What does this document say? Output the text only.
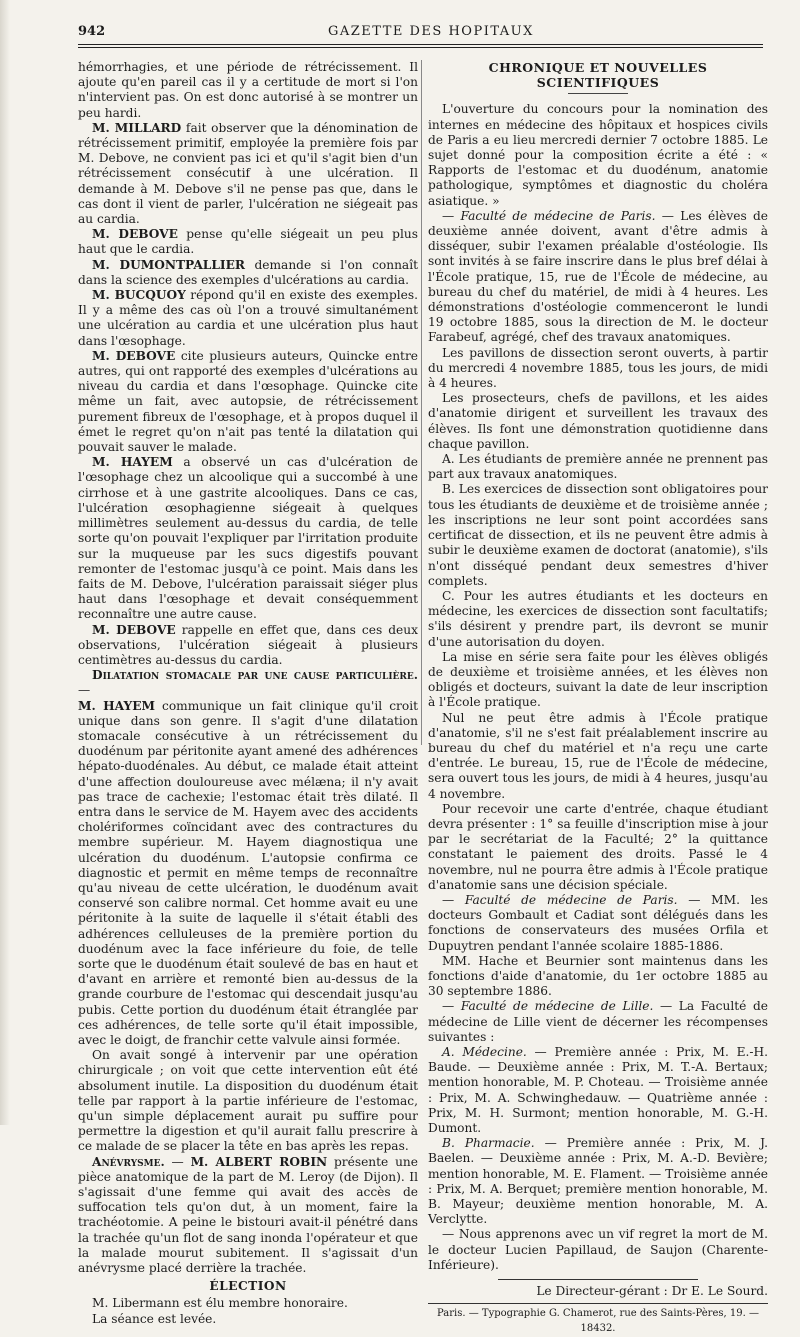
942	GAZETTE DES HOPITAUX

hémorrhagies, et une période de rétrécissement. Il ajoute qu'en pareil cas il y a certitude de mort si l'on n'intervient pas. On est donc autorisé à se montrer un peu hardi.

M. MILLARD fait observer que la dénomination de rétrécissement primitif, employée la première fois par M. Debove, ne convient pas ici et qu'il s'agit bien d'un rétrécissement consécutif à une ulcération. Il demande à M. Debove s'il ne pense pas que, dans le cas dont il vient de parler, l'ulcération ne siégeait pas au cardia.

M. DEBOVE pense qu'elle siégeait un peu plus haut que le cardia.

M. DUMONTPALLIER demande si l'on connaît dans la science des exemples d'ulcérations au cardia.

M. BUCQUOY répond qu'il en existe des exemples. Il y a même des cas où l'on a trouvé simultanément une ulcération au cardia et une ulcération plus haut dans l'œsophage.

M. DEBOVE cite plusieurs auteurs, Quincke entre autres, qui ont rapporté des exemples d'ulcérations au niveau du cardia et dans l'œsophage. Quincke cite même un fait, avec autopsie, de rétrécissement purement fibreux de l'œsophage, et à propos duquel il émet le regret qu'on n'ait pas tenté la dilatation qui pouvait sauver le malade.

M. HAYEM a observé un cas d'ulcération de l'œsophage chez un alcoolique qui a succombé à une cirrhose et à une gastrite alcooliques. Dans ce cas, l'ulcération œsophagienne siégeait à quelques millimètres seulement au-dessus du cardia, de telle sorte qu'on pouvait l'expliquer par l'irritation produite sur la muqueuse par les sucs digestifs pouvant remonter de l'estomac jusqu'à ce point. Mais dans les faits de M. Debove, l'ulcération paraissait siéger plus haut dans l'œsophage et devait conséquemment reconnaître une autre cause.

M. DEBOVE rappelle en effet que, dans ces deux observations, l'ulcération siégeait à plusieurs centimètres au-dessus du cardia.

Dilatation stomacale par une cause particulière. —

M. HAYEM communique un fait clinique qu'il croit unique dans son genre. Il s'agit d'une dilatation stomacale consécutive à un rétrécissement du duodénum par péritonite ayant amené des adhérences hépato-duodénales. Au début, ce malade était atteint d'une affection douloureuse avec mélæna; il n'y avait pas trace de cachexie; l'estomac était très dilaté. Il entra dans le service de M. Hayem avec des accidents cholériformes coïncidant avec des contractures du membre supérieur. M. Hayem diagnostiqua une ulcération du duodénum. L'autopsie confirma ce diagnostic et permit en même temps de reconnaître qu'au niveau de cette ulcération, le duodénum avait conservé son calibre normal. Cet homme avait eu une péritonite à la suite de laquelle il s'était établi des adhérences celluleuses de la première portion du duodénum avec la face inférieure du foie, de telle sorte que le duodénum était soulevé de bas en haut et d'avant en arrière et remonté bien au-dessus de la grande courbure de l'estomac qui descendait jusqu'au pubis. Cette portion du duodénum était étranglée par ces adhérences, de telle sorte qu'il était impossible, avec le doigt, de franchir cette valvule ainsi formée.

On avait songé à intervenir par une opération chirurgicale ; on voit que cette intervention eût été absolument inutile. La disposition du duodénum était telle par rapport à la partie inférieure de l'estomac, qu'un simple déplacement aurait pu suffire pour permettre la digestion et qu'il aurait fallu prescrire à ce malade de se placer la tête en bas après les repas.

Anévrysme. — M. ALBERT ROBIN présente une pièce anatomique de la part de M. Leroy (de Dijon). Il s'agissait d'une femme qui avait des accès de suffocation tels qu'on dut, à un moment, faire la trachéotomie. A peine le bistouri avait-il pénétré dans la trachée qu'un flot de sang inonda l'opérateur et que la malade mourut subitement. Il s'agissait d'un anévrysme placé derrière la trachée.

ÉLECTION

M. Libermann est élu membre honoraire.

La séance est levée.

CHRONIQUE ET NOUVELLES SCIENTIFIQUES

L'ouverture du concours pour la nomination des internes en médecine des hôpitaux et hospices civils de Paris a eu lieu mercredi dernier 7 octobre 1885. Le sujet donné pour la composition écrite a été : « Rapports de l'estomac et du duodénum, anatomie pathologique, symptômes et diagnostic du choléra asiatique. »

— Faculté de médecine de Paris. — Les élèves de deuxième année doivent, avant d'être admis à disséquer, subir l'examen préalable d'ostéologie. Ils sont invités à se faire inscrire dans le plus bref délai à l'École pratique, 15, rue de l'École de médecine, au bureau du chef du matériel, de midi à 4 heures. Les démonstrations d'ostéologie commenceront le lundi 19 octobre 1885, sous la direction de M. le docteur Farabeuf, agrégé, chef des travaux anatomiques.

Les pavillons de dissection seront ouverts, à partir du mercredi 4 novembre 1885, tous les jours, de midi à 4 heures.

Les prosecteurs, chefs de pavillons, et les aides d'anatomie dirigent et surveillent les travaux des élèves. Ils font une démonstration quotidienne dans chaque pavillon.

A. Les étudiants de première année ne prennent pas part aux travaux anatomiques.

B. Les exercices de dissection sont obligatoires pour tous les étudiants de deuxième et de troisième année ; les inscriptions ne leur sont point accordées sans certificat de dissection, et ils ne peuvent être admis à subir le deuxième examen de doctorat (anatomie), s'ils n'ont disséqué pendant deux semestres d'hiver complets.

C. Pour les autres étudiants et les docteurs en médecine, les exercices de dissection sont facultatifs; s'ils désirent y prendre part, ils devront se munir d'une autorisation du doyen.

La mise en série sera faite pour les élèves obligés de deuxième et troisième années, et les élèves non obligés et docteurs, suivant la date de leur inscription à l'École pratique.

Nul ne peut être admis à l'École pratique d'anatomie, s'il ne s'est fait préalablement inscrire au bureau du chef du matériel et n'a reçu une carte d'entrée. Le bureau, 15, rue de l'École de médecine, sera ouvert tous les jours, de midi à 4 heures, jusqu'au 4 novembre.

Pour recevoir une carte d'entrée, chaque étudiant devra présenter : 1° sa feuille d'inscription mise à jour par le secrétariat de la Faculté; 2° la quittance constatant le paiement des droits. Passé le 4 novembre, nul ne pourra être admis à l'École pratique d'anatomie sans une décision spéciale.

— Faculté de médecine de Paris. — MM. les docteurs Gombault et Cadiat sont délégués dans les fonctions de conservateurs des musées Orfila et Dupuytren pendant l'année scolaire 1885-1886.

MM. Hache et Beurnier sont maintenus dans les fonctions d'aide d'anatomie, du 1er octobre 1885 au 30 septembre 1886.

— Faculté de médecine de Lille. — La Faculté de médecine de Lille vient de décerner les récompenses suivantes :

A. Médecine. — Première année : Prix, M. E.-H. Baude. — Deuxième année : Prix, M. T.-A. Bertaux; mention honorable, M. P. Choteau. — Troisième année : Prix, M. A. Schwinghedauw. — Quatrième année : Prix, M. H. Surmont; mention honorable, M. G.-H. Dumont.

B. Pharmacie. — Première année : Prix, M. J. Baelen. — Deuxième année : Prix, M. A.-D. Bevière; mention honorable, M. E. Flament. — Troisième année : Prix, M. A. Berquet; première mention honorable, M. B. Mayeur; deuxième mention honorable, M. A. Verclytte.

— Nous apprenons avec un vif regret la mort de M. le docteur Lucien Papillaud, de Saujon (Charente-Inférieure).

Le Directeur-gérant : Dr E. Le Sourd.
Paris. — Typographie G. Chamerot, rue des Saints-Pères, 19. — 18432.
